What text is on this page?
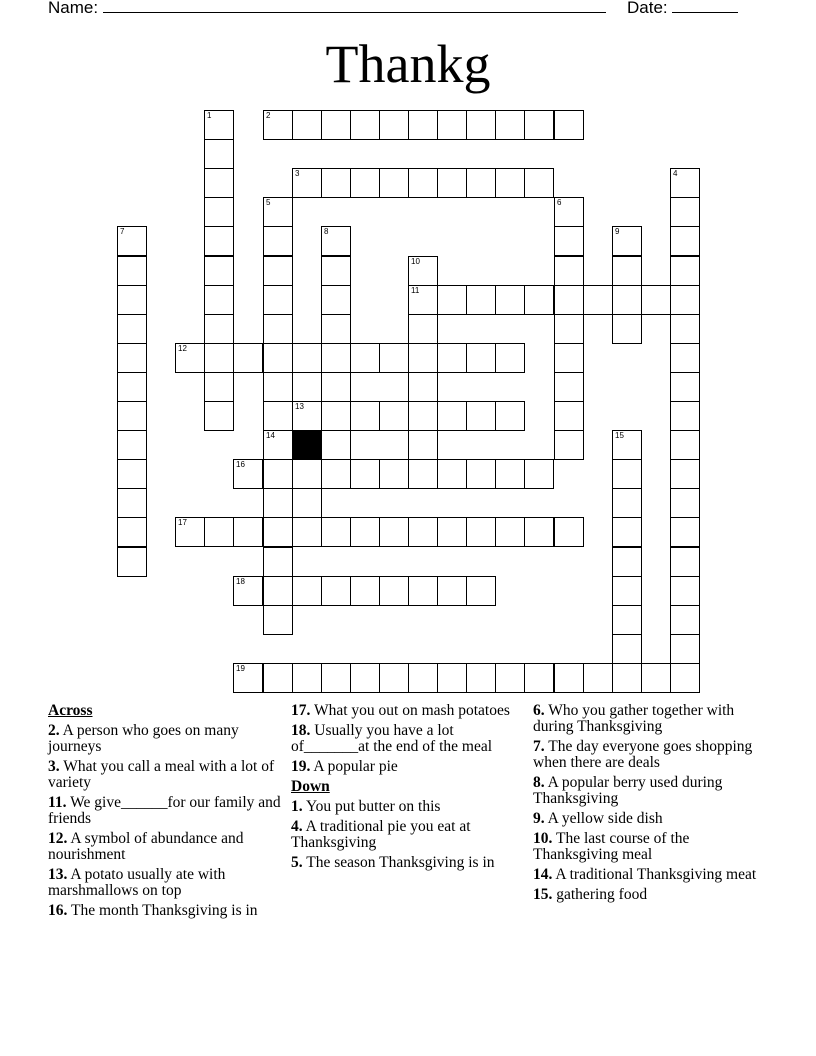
Name:	Date:
Thankg
1
4
5
14
6
7	8	9
10
11
15
2
3
12
13
16
17
18
19
Across
2. A person who goes on many journeys
3. What you call a meal with a lot of variety
11. We give______for our family and friends
12. A symbol of abundance and nourishment
13. A potato usually ate with marshmallows on top
16. The month Thanksgiving is in
17. What you out on mash potatoes
18. Usually you have a lot of_______at the end of the meal
19. A popular pie
Down
1. You put butter on this
4. A traditional pie you eat at Thanksgiving
5. The season Thanksgiving is in
6. Who you gather together with during Thanksgiving
7. The day everyone goes shopping when there are deals
8. A popular berry used during Thanksgiving
9. A yellow side dish
10. The last course of the Thanksgiving meal
14. A traditional Thanksgiving meat
15. gathering food
